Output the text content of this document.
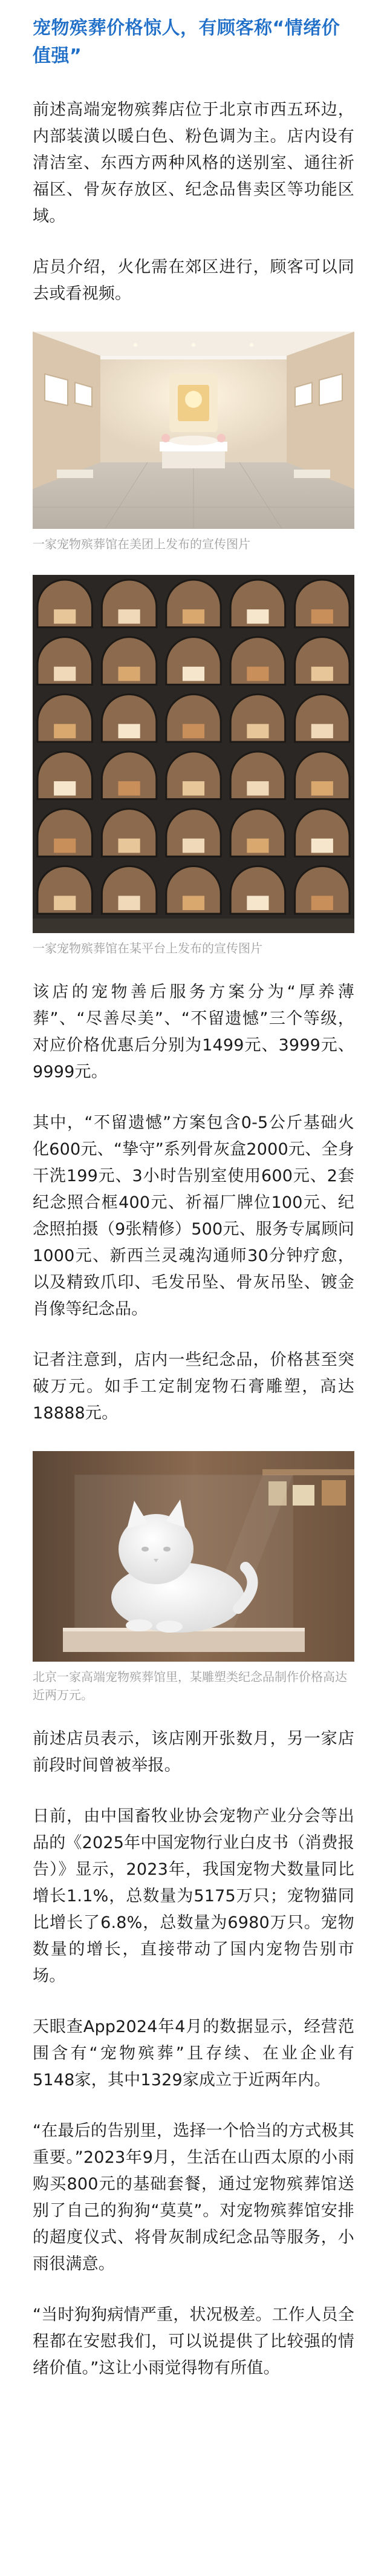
宠物殡葬价格惊人，有顾客称“情绪价值强”

前述高端宠物殡葬店位于北京市西五环边，内部装潢以暖白色、粉色调为主。店内设有清洁室、东西方两种风格的送别室、通往祈福区、骨灰存放区、纪念品售卖区等功能区域。

店员介绍，火化需在郊区进行，顾客可以同去或看视频。

一家宠物殡葬馆在美团上发布的宣传图片
一家宠物殡葬馆在某平台上发布的宣传图片

该店的宠物善后服务方案分为“厚养薄葬”、“尽善尽美”、“不留遗憾”三个等级，对应价格优惠后分别为1499元、3999元、9999元。

其中，“不留遗憾”方案包含0-5公斤基础火化600元、“挚守”系列骨灰盒2000元、全身干洗199元、3小时告别室使用600元、2套纪念照合框400元、祈福厂牌位100元、纪念照拍摄（9张精修）500元、服务专属顾问1000元、新西兰灵魂沟通师30分钟疗愈，以及精致爪印、毛发吊坠、骨灰吊坠、镀金肖像等纪念品。

记者注意到，店内一些纪念品，价格甚至突破万元。如手工定制宠物石膏雕塑，高达18888元。

北京一家高端宠物殡葬馆里，某雕塑类纪念品制作价格高达近两万元。

前述店员表示，该店刚开张数月，另一家店前段时间曾被举报。

日前，由中国畜牧业协会宠物产业分会等出品的《2025年中国宠物行业白皮书（消费报告）》显示，2023年，我国宠物犬数量同比增长1.1%，总数量为5175万只；宠物猫同比增长了6.8%，总数量为6980万只。宠物数量的增长，直接带动了国内宠物告别市场。

天眼查App2024年4月的数据显示，经营范围含有“宠物殡葬”且存续、在业企业有5148家，其中1329家成立于近两年内。

“在最后的告别里，选择一个恰当的方式极其重要。”2023年9月，生活在山西太原的小雨购买800元的基础套餐，通过宠物殡葬馆送别了自己的狗狗“莫莫”。对宠物殡葬馆安排的超度仪式、将骨灰制成纪念品等服务，小雨很满意。

“当时狗狗病情严重，状况极差。工作人员全程都在安慰我们，可以说提供了比较强的情绪价值。”这让小雨觉得物有所值。
